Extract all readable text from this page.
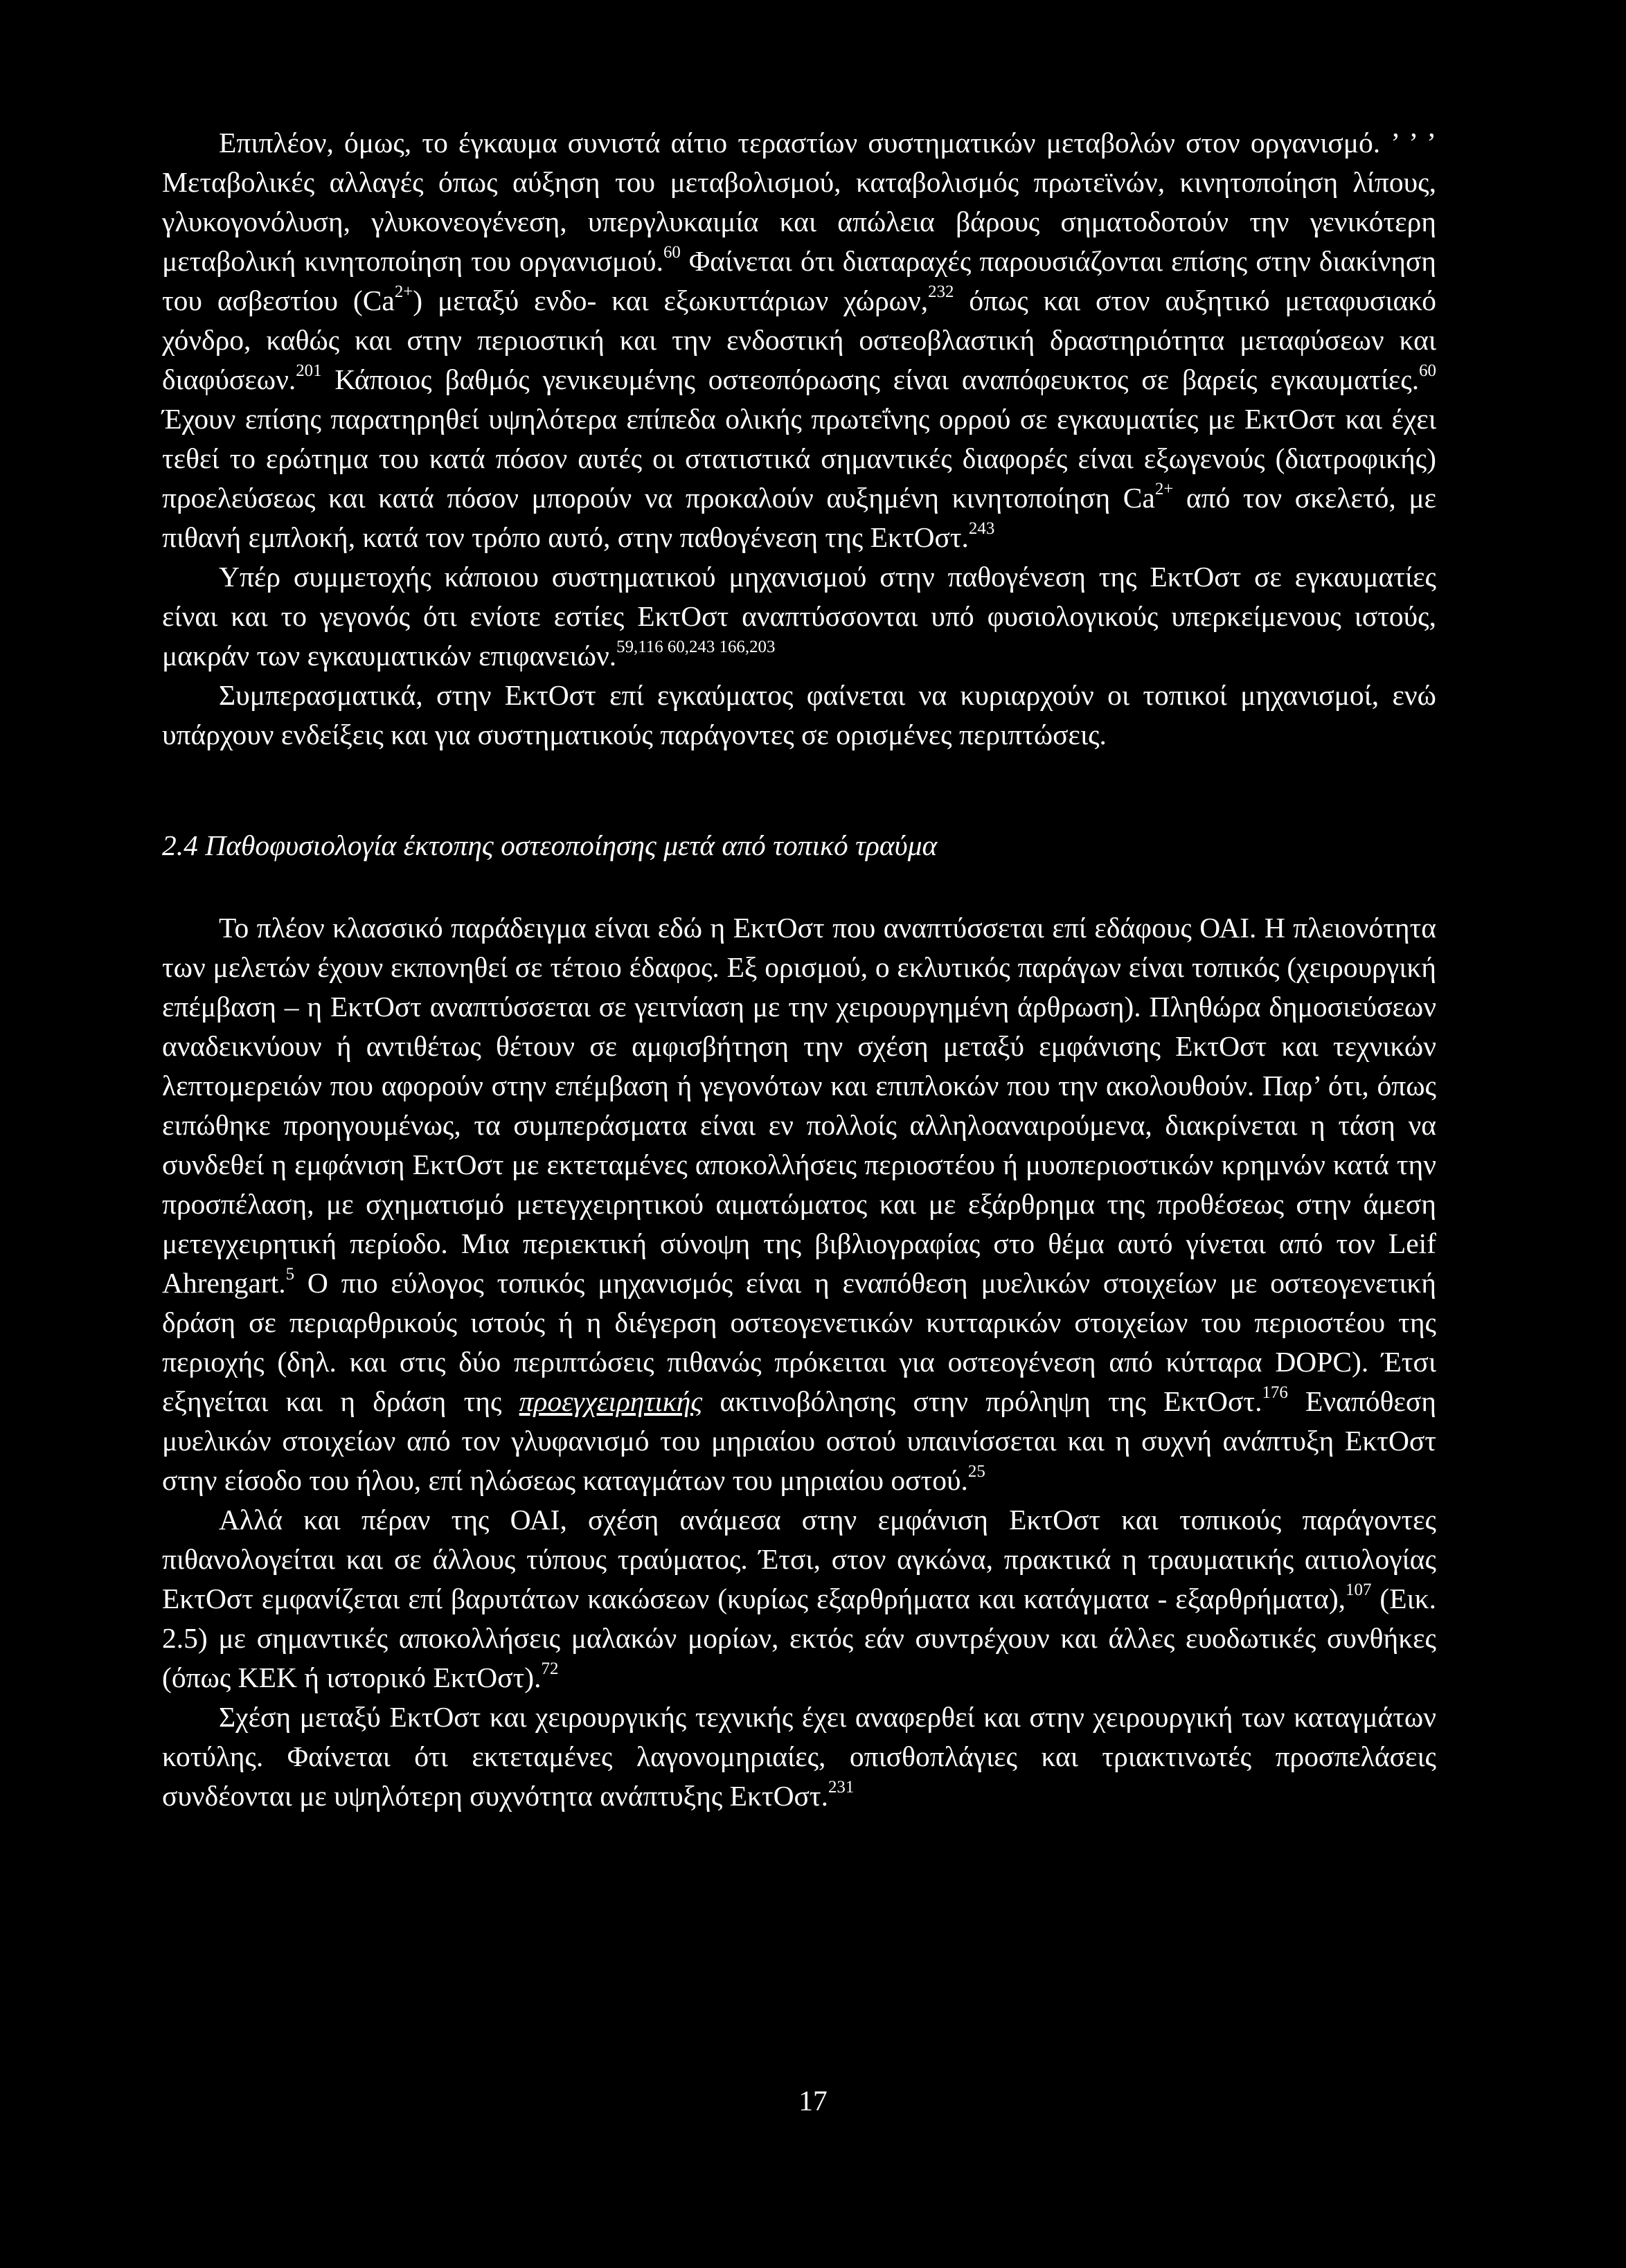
Επιπλέον, όμως, το έγκαυμα συνιστά αίτιο τεραστίων συστηματικών μεταβολών στον οργανισμό. ’ ’ ’ Μεταβολικές αλλαγές όπως αύξηση του μεταβολισμού, καταβολισμός πρωτεϊνών, κινητοποίηση λίπους, γλυκογονόλυση, γλυκονεογένεση, υπεργλυκαιμία και απώλεια βάρους σηματοδοτούν την γενικότερη μεταβολική κινητοποίηση του οργανισμού.$^{60}$ Φαίνεται ότι διαταραχές παρουσιάζονται επίσης στην διακίνηση του ασβεστίου $(Ca^{2+})$ μεταξύ ενδο- και εξωκυττάριων χώρων,$^{232}$ όπως και στον αυξητικό μεταφυσιακό χόνδρο, καθώς και στην περιοστική και την ενδοστική οστεοβλαστική δραστηριότητα μεταφύσεων και διαφύσεων.$^{201}$ Κάποιος βαθμός γενικευμένης οστεοπόρωσης είναι αναπόφευκτος σε βαρείς εγκαυματίες.$^{60}$ Έχουν επίσης παρατηρηθεί υψηλότερα επίπεδα ολικής πρωτεΐνης ορρού σε εγκαυματίες με ΕκτΟστ και έχει τεθεί το ερώτημα του κατά πόσον αυτές οι στατιστικά σημαντικές διαφορές είναι εξωγενούς (διατροφικής) προελεύσεως και κατά πόσον μπορούν να προκαλούν αυξημένη κινητοποίηση $Ca^{2+}$ από τον σκελετό, με πιθανή εμπλοκή, κατά τον τρόπο αυτό, στην παθογένεση της ΕκτΟστ.$^{243}$

Υπέρ συμμετοχής κάποιου συστηματικού μηχανισμού στην παθογένεση της ΕκτΟστ σε εγκαυματίες είναι και το γεγονός ότι ενίοτε εστίες ΕκτΟστ αναπτύσσονται υπό φυσιολογικούς υπερκείμενους ιστούς, μακράν των εγκαυματικών επιφανειών.$^{59,116 60,243 166,203}$

Συμπερασματικά, στην ΕκτΟστ επί εγκαύματος φαίνεται να κυριαρχούν οι τοπικοί μηχανισμοί, ενώ υπάρχουν ενδείξεις και για συστηματικούς παράγοντες σε ορισμένες περιπτώσεις.

2.4 Παθοφυσιολογία έκτοπης οστεοποίησης μετά από τοπικό τραύμα

Το πλέον κλασσικό παράδειγμα είναι εδώ η ΕκτΟστ που αναπτύσσεται επί εδάφους ΟΑΙ. Η πλειονότητα των μελετών έχουν εκπονηθεί σε τέτοιο έδαφος. Εξ ορισμού, ο εκλυτικός παράγων είναι τοπικός (χειρουργική επέμβαση – η ΕκτΟστ αναπτύσσεται σε γειτνίαση με την χειρουργημένη άρθρωση). Πληθώρα δημοσιεύσεων αναδεικνύουν ή αντιθέτως θέτουν σε αμφισβήτηση την σχέση μεταξύ εμφάνισης ΕκτΟστ και τεχνικών λεπτομερειών που αφορούν στην επέμβαση ή γεγονότων και επιπλοκών που την ακολουθούν. Παρ’ ότι, όπως ειπώθηκε προηγουμένως, τα συμπεράσματα είναι εν πολλοίς αλληλοαναιρούμενα, διακρίνεται η τάση να συνδεθεί η εμφάνιση ΕκτΟστ με εκτεταμένες αποκολλήσεις περιοστέου ή μυοπεριοστικών κρημνών κατά την προσπέλαση, με σχηματισμό μετεγχειρητικού αιματώματος και με εξάρθρημα της προθέσεως στην άμεση μετεγχειρητική περίοδο. Μια περιεκτική σύνοψη της βιβλιογραφίας στο θέμα αυτό γίνεται από τον Leif Ahrengart.$^5$ Ο πιο εύλογος τοπικός μηχανισμός είναι η εναπόθεση μυελικών στοιχείων με οστεογενετική δράση σε περιαρθρικούς ιστούς ή η διέγερση οστεογενετικών κυτταρικών στοιχείων του περιοστέου της περιοχής (δηλ. και στις δύο περιπτώσεις πιθανώς πρόκειται για οστεογένεση από κύτταρα DOPC). Έτσι εξηγείται και η δράση της προεγχειρητικής ακτινοβόλησης στην πρόληψη της ΕκτΟστ.$^{176}$ Εναπόθεση μυελικών στοιχείων από τον γλυφανισμό του μηριαίου οστού υπαινίσσεται και η συχνή ανάπτυξη ΕκτΟστ στην είσοδο του ήλου, επί ηλώσεως καταγμάτων του μηριαίου οστού.$^{25}$

Αλλά και πέραν της ΟΑΙ, σχέση ανάμεσα στην εμφάνιση ΕκτΟστ και τοπικούς παράγοντες πιθανολογείται και σε άλλους τύπους τραύματος. Έτσι, στον αγκώνα, πρακτικά η τραυματικής αιτιολογίας ΕκτΟστ εμφανίζεται επί βαρυτάτων κακώσεων (κυρίως εξαρθρήματα και κατάγματα - εξαρθρήματα),$^{107}$ (Εικ. 2.5) με σημαντικές αποκολλήσεις μαλακών μορίων, εκτός εάν συντρέχουν και άλλες ευοδωτικές συνθήκες (όπως ΚΕΚ ή ιστορικό ΕκτΟστ).$^{72}$

Σχέση μεταξύ ΕκτΟστ και χειρουργικής τεχνικής έχει αναφερθεί και στην χειρουργική των καταγμάτων κοτύλης. Φαίνεται ότι εκτεταμένες λαγονομηριαίες, οπισθοπλάγιες και τριακτινωτές προσπελάσεις συνδέονται με υψηλότερη συχνότητα ανάπτυξης ΕκτΟστ.$^{231}$

17
